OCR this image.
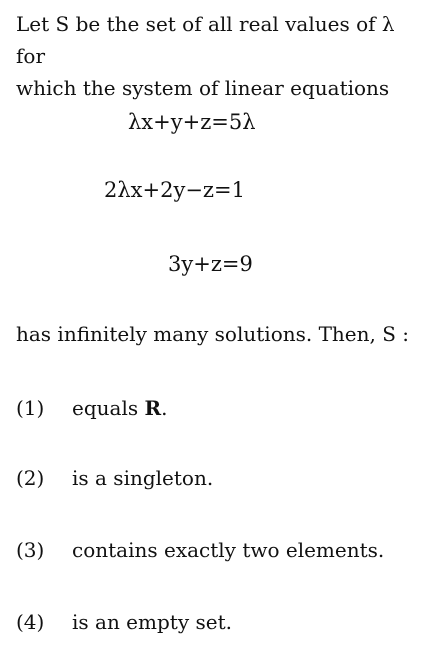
Let S be the set of all real values of λ for
which the system of linear equations
λx+y+z=5λ
2λx+2y−z=1
3y+z=9
has infinitely many solutions. Then, S :
(1)	equals R.
(2)	is a singleton.
(3)	contains exactly two elements.
(4)	is an empty set.
